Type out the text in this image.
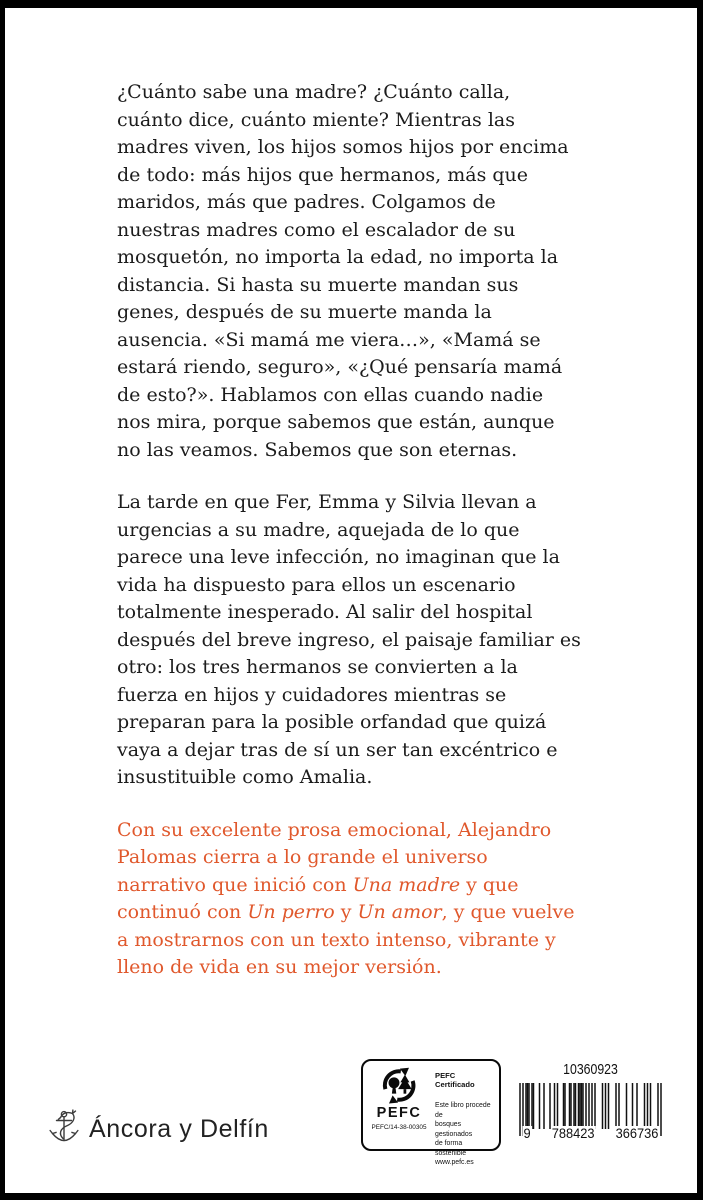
¿Cuánto sabe una madre? ¿Cuánto calla, cuánto dice, cuánto miente? Mientras las madres viven, los hijos somos hijos por encima de todo: más hijos que hermanos, más que maridos, más que padres. Colgamos de nuestras madres como el escalador de su mosquetón, no importa la edad, no importa la distancia. Si hasta su muerte mandan sus genes, después de su muerte manda la ausencia. «Si mamá me viera…», «Mamá se estará riendo, seguro», «¿Qué pensaría mamá de esto?». Hablamos con ellas cuando nadie nos mira, porque sabemos que están, aunque no las veamos. Sabemos que son eternas.

La tarde en que Fer, Emma y Silvia llevan a urgencias a su madre, aquejada de lo que parece una leve infección, no imaginan que la vida ha dispuesto para ellos un escenario totalmente inesperado. Al salir del hospital después del breve ingreso, el paisaje familiar es otro: los tres hermanos se convierten a la fuerza en hijos y cuidadores mientras se preparan para la posible orfandad que quizá vaya a dejar tras de sí un ser tan excéntrico e insustituible como Amalia.

Con su excelente prosa emocional, Alejandro Palomas cierra a lo grande el universo narrativo que inició con Una madre y que continuó con Un perro y Un amor, y que vuelve a mostrarnos con un texto intenso, vibrante y lleno de vida en su mejor versión.

Áncora y Delfín
PEFC
PEFC/14-38-00305
PEFC Certificado
Este libro procede de
bosques gestionados
de forma sostenible
www.pefc.es
10360923
9 788423 366736
